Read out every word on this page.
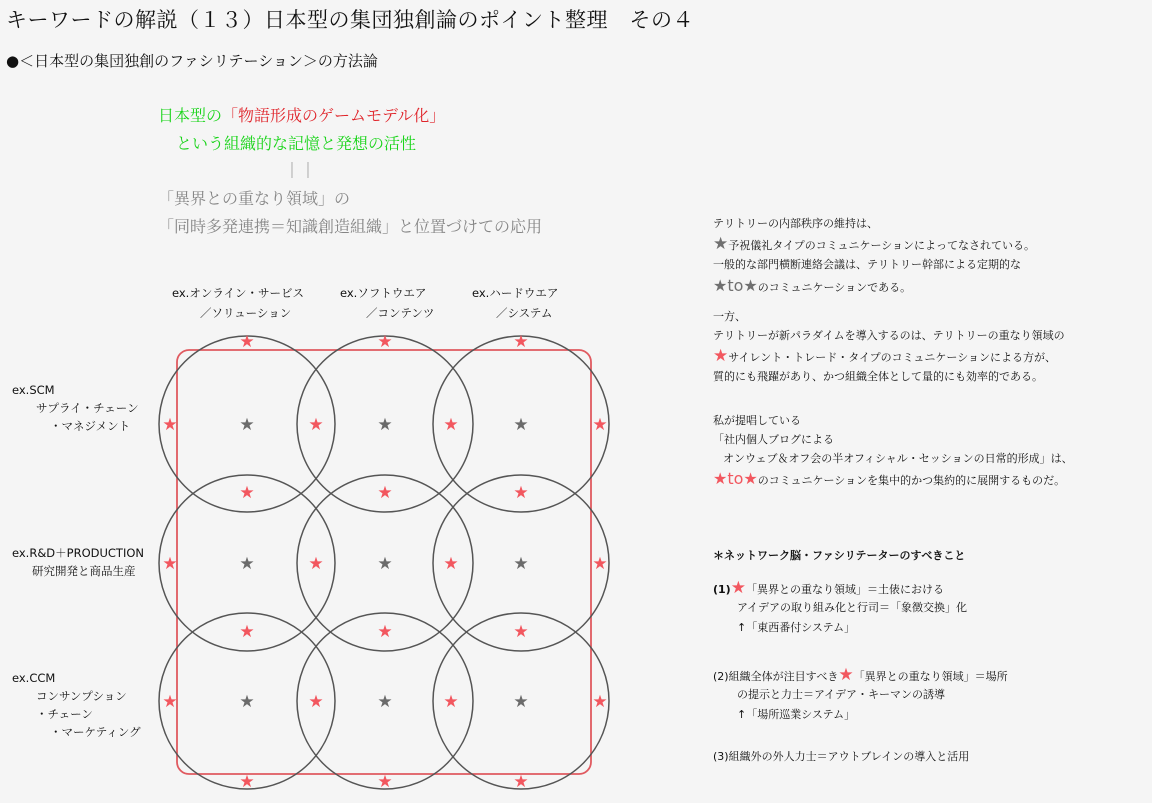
キーワードの解説（１３）日本型の集団独創論のポイント整理　その４
●＜日本型の集団独創のファシリテーション＞の方法論
日本型の「物語形成のゲームモデル化」
という組織的な記憶と発想の活性
｜｜
「異界との重なり領域」の
「同時多発連携＝知識創造組織」と位置づけての応用
ex.オンライン・サービス
／ソリューション
ex.ソフトウエア
／コンテンツ
ex.ハードウエア
／システム
ex.SCM
サプライ・チェーン
・マネジメント
ex.R&D＋PRODUCTION
研究開発と商品生産
ex.CCM
コンサンプション
・チェーン
・マーケティング
★	★	★
★	★	★
★	★	★
★	★	★
★	★	★
★	★	★
★	★	★
★	★	★	★
★	★	★	★
★	★	★	★
テリトリーの内部秩序の維持は、
★予祝儀礼タイプのコミュニケーションによってなされている。
一般的な部門横断連絡会議は、テリトリー幹部による定期的な
★to★のコミュニケーションである。
一方、
テリトリーが新パラダイムを導入するのは、テリトリーの重なり領域の
★サイレント・トレード・タイプのコミュニケーションによる方が、
質的にも飛躍があり、かつ組織全体として量的にも効率的である。
私が提唱している
「社内個人ブログによる
オンウェブ＆オフ会の半オフィシャル・セッションの日常的形成」は、
★to★のコミュニケーションを集中的かつ集約的に展開するものだ。
＊ネットワーク脳・ファシリテーターのすべきこと
(1)★「異界との重なり領域」＝土俵における
アイデアの取り組み化と行司＝「象徴交換」化
↑「東西番付システム」
(2)組織全体が注目すべき★「異界との重なり領域」＝場所
の提示と力士＝アイデア・キーマンの誘導
↑「場所巡業システム」
(3)組織外の外人力士＝アウトブレインの導入と活用
